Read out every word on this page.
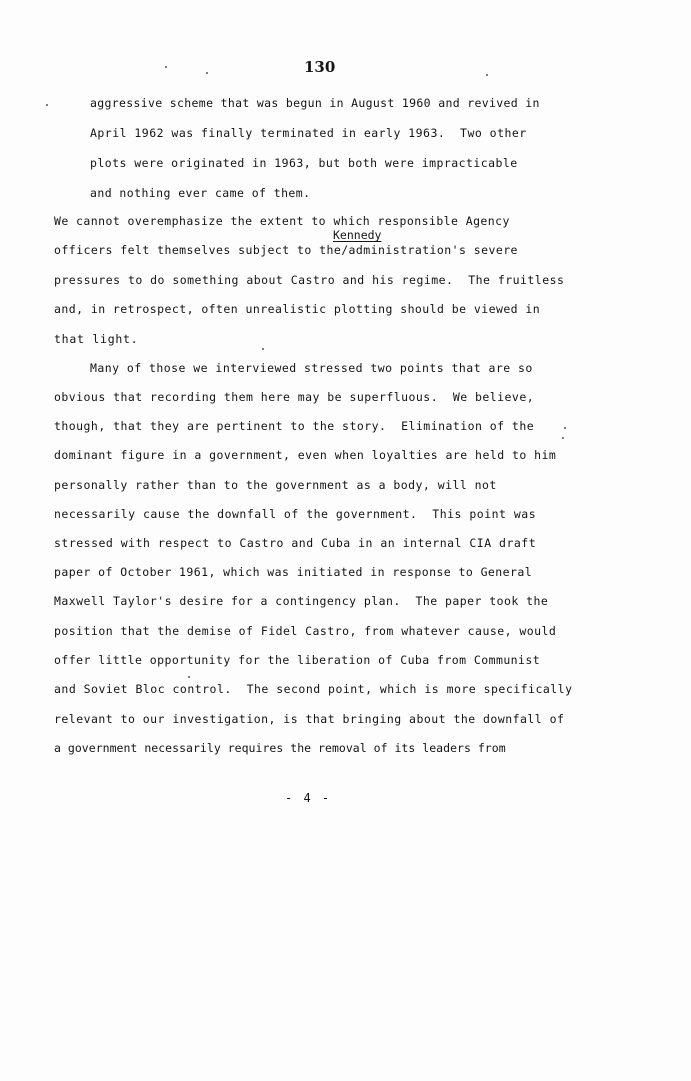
130
aggressive scheme that was begun in August 1960 and revived in
April 1962 was finally terminated in early 1963.  Two other
plots were originated in 1963, but both were impracticable
and nothing ever came of them.
Kennedy
We cannot overemphasize the extent to which responsible Agency
officers felt themselves subject to the/administration's severe
pressures to do something about Castro and his regime.  The fruitless
and, in retrospect, often unrealistic plotting should be viewed in
that light.
Many of those we interviewed stressed two points that are so
obvious that recording them here may be superfluous.  We believe,
though, that they are pertinent to the story.  Elimination of the
dominant figure in a government, even when loyalties are held to him
personally rather than to the government as a body, will not
necessarily cause the downfall of the government.  This point was
stressed with respect to Castro and Cuba in an internal CIA draft
paper of October 1961, which was initiated in response to General
Maxwell Taylor's desire for a contingency plan.  The paper took the
position that the demise of Fidel Castro, from whatever cause, would
offer little opportunity for the liberation of Cuba from Communist
and Soviet Bloc control.  The second point, which is more specifically
relevant to our investigation, is that bringing about the downfall of
a government necessarily requires the removal of its leaders from
- 4 -
